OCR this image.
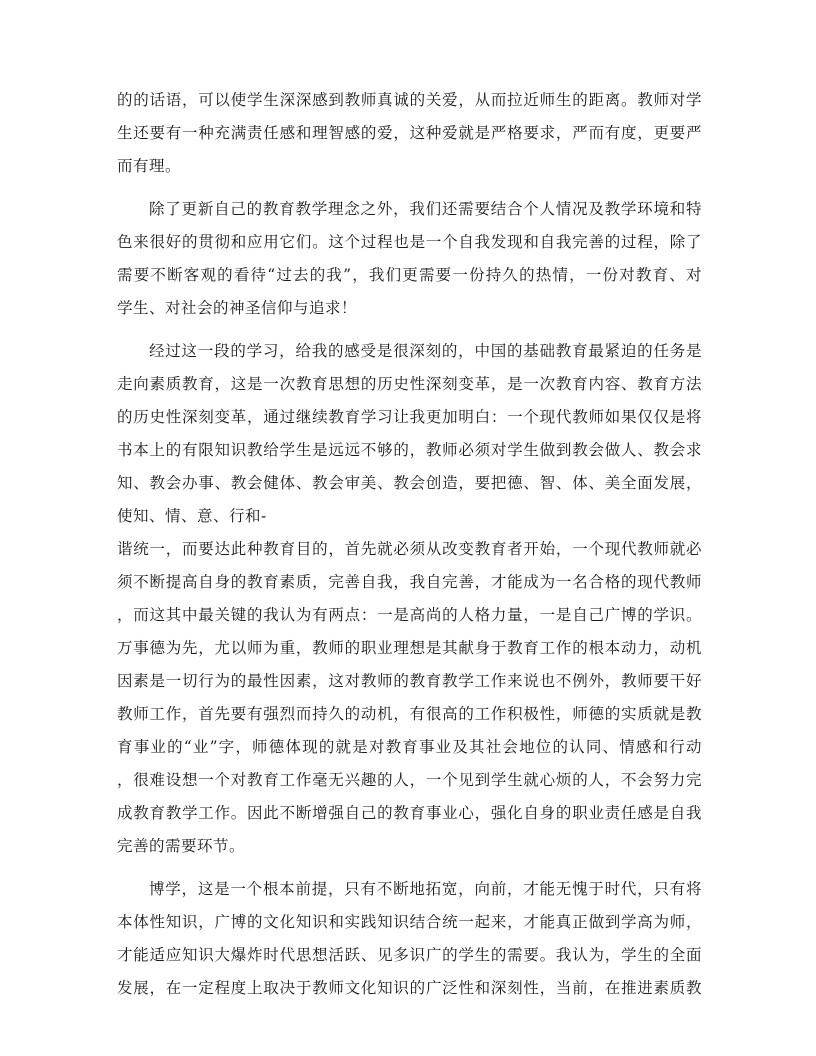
的的话语，可以使学生深深感到教师真诚的关爱，从而拉近师生的距离。教师对学
生还要有一种充满责任感和理智感的爱，这种爱就是严格要求，严而有度，更要严
而有理。
除了更新自己的教育教学理念之外，我们还需要结合个人情况及教学环境和特
色来很好的贯彻和应用它们。这个过程也是一个自我发现和自我完善的过程，除了
需要不断客观的看待“过去的我”，我们更需要一份持久的热情，一份对教育、对
学生、对社会的神圣信仰与追求！
经过这一段的学习，给我的感受是很深刻的，中国的基础教育最紧迫的任务是
走向素质教育，这是一次教育思想的历史性深刻变革，是一次教育内容、教育方法
的历史性深刻变革，通过继续教育学习让我更加明白：一个现代教师如果仅仅是将
书本上的有限知识教给学生是远远不够的，教师必须对学生做到教会做人、教会求
知、教会办事、教会健体、教会审美、教会创造，要把德、智、体、美全面发展，
使知、情、意、行和-
谐统一，而要达此种教育目的，首先就必须从改变教育者开始，一个现代教师就必
须不断提高自身的教育素质，完善自我，我自完善，才能成为一名合格的现代教师
，而这其中最关键的我认为有两点：一是高尚的人格力量，一是自己广博的学识。
万事德为先，尤以师为重，教师的职业理想是其献身于教育工作的根本动力，动机
因素是一切行为的最性因素，这对教师的教育教学工作来说也不例外，教师要干好
教师工作，首先要有强烈而持久的动机，有很高的工作积极性，师德的实质就是教
育事业的“业”字，师德体现的就是对教育事业及其社会地位的认同、情感和行动
，很难设想一个对教育工作毫无兴趣的人，一个见到学生就心烦的人，不会努力完
成教育教学工作。因此不断增强自己的教育事业心，强化自身的职业责任感是自我
完善的需要环节。
博学，这是一个根本前提，只有不断地拓宽，向前，才能无愧于时代，只有将
本体性知识，广博的文化知识和实践知识结合统一起来，才能真正做到学高为师，
才能适应知识大爆炸时代思想活跃、见多识广的学生的需要。我认为，学生的全面
发展，在一定程度上取决于教师文化知识的广泛性和深刻性，当前，在推进素质教
